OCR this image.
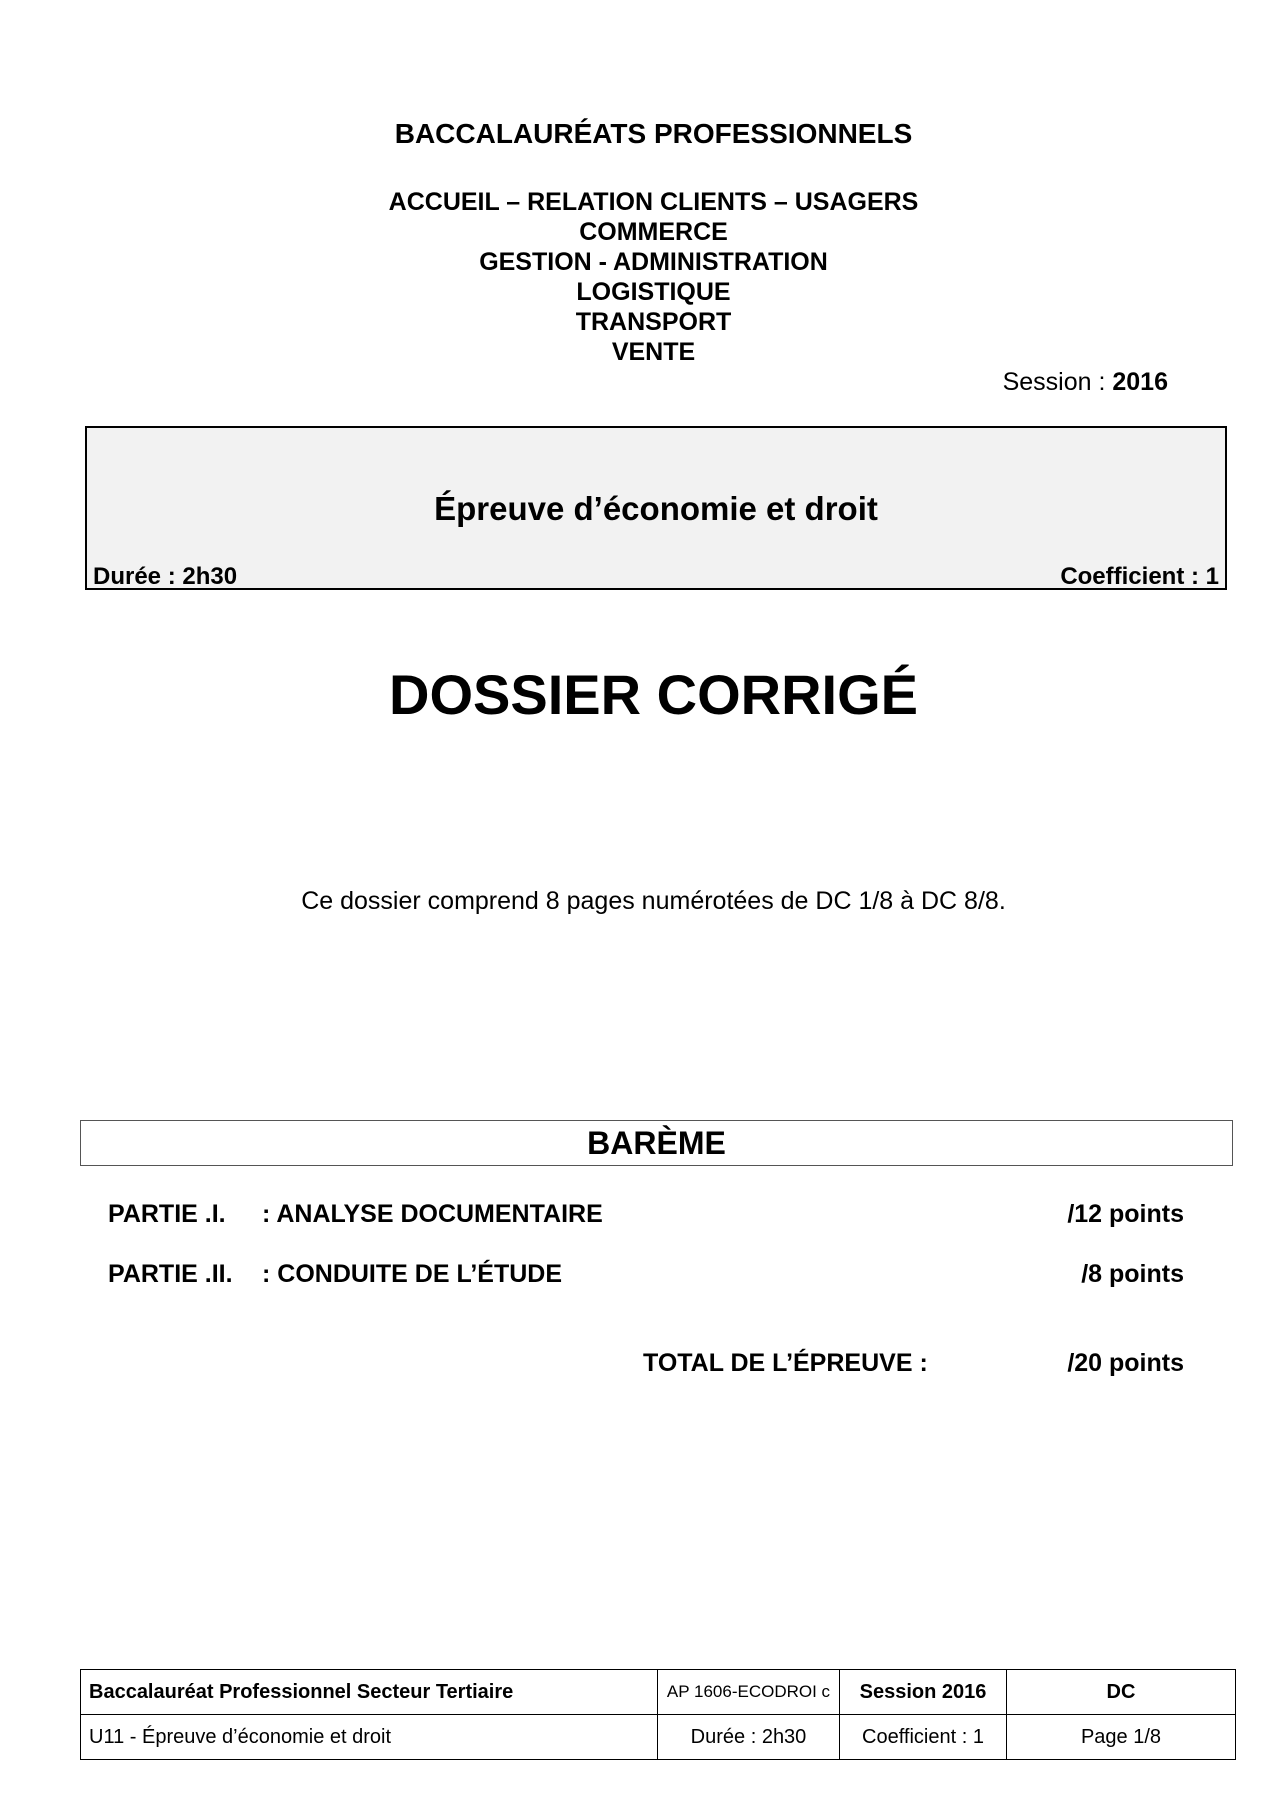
BACCALAURÉATS PROFESSIONNELS
ACCUEIL – RELATION CLIENTS – USAGERS
COMMERCE
GESTION - ADMINISTRATION
LOGISTIQUE
TRANSPORT
VENTE
Session : 2016
Épreuve d’économie et droit
Durée : 2h30	Coefficient : 1
DOSSIER CORRIGÉ
Ce dossier comprend 8 pages numérotées de DC 1/8 à DC 8/8.
BARÈME
PARTIE .I. : ANALYSE DOCUMENTAIRE	/12 points
PARTIE .II. : CONDUITE DE L’ÉTUDE	/8 points
TOTAL DE L’ÉPREUVE :	/20 points
Baccalauréat Professionnel Secteur Tertiaire	AP 1606-ECODROI c	Session 2016	DC
U11 - Épreuve d’économie et droit	Durée : 2h30	Coefficient : 1	Page 1/8
